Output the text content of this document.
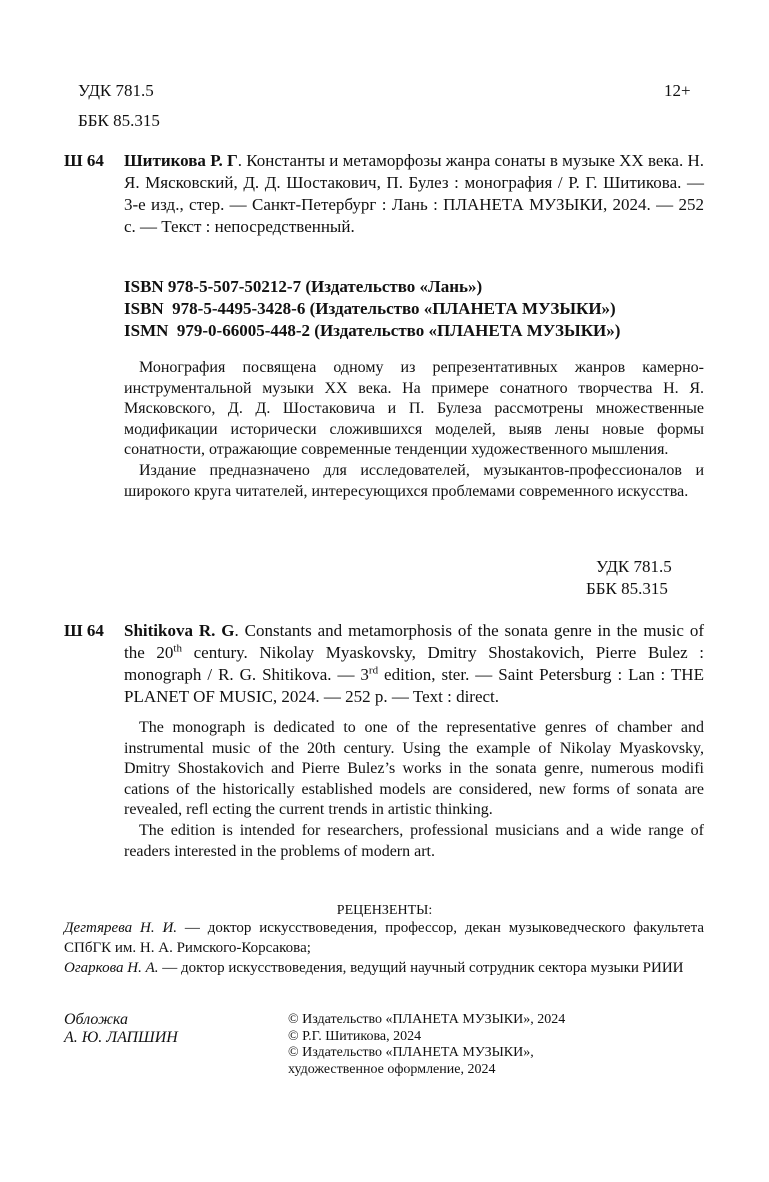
УДК 781.5
ББК 85.315
12+
Ш 64	Шитикова Р. Г. Константы и метаморфозы жанра сонаты в музыке XX века. Н. Я. Мясковский, Д. Д. Шостакович, П. Булез : монография / Р. Г. Шитикова. — 3-е изд., стер. — Санкт-Петербург : Лань : ПЛАНЕТА МУЗЫКИ, 2024. — 252 с. — Текст : непосредственный.
ISBN 978-5-507-50212-7 (Издательство «Лань»)
ISBN  978-5-4495-3428-6 (Издательство «ПЛАНЕТА МУЗЫКИ»)
ISMN  979-0-66005-448-2 (Издательство «ПЛАНЕТА МУЗЫКИ»)

Монография посвящена одному из репрезентативных жанров камерно-инструментальной музыки XX века. На примере сонатного творчества Н. Я. Мясковского, Д. Д. Шостаковича и П. Булеза рассмотрены множественные модификации исторически сложившихся моделей, выяв лены новые формы сонатности, отражающие современные тенденции художественного мышления.

Издание предназначено для исследователей, музыкантов-профессионалов и широкого круга читателей, интересующихся проблемами современного искусства.

УДК 781.5
ББК 85.315
Ш 64	Shitikova R. G. Constants and metamorphosis of the sonata genre in the music of the 20th century. Nikolay Myaskovsky, Dmitry Shostakovich, Pierre Bulez : monograph / R. G. Shitikova. — 3rd edition, ster. — Saint Petersburg : Lan : THE PLANET OF MUSIC, 2024. — 252 p. — Text : direct.

The monograph is dedicated to one of the representative genres of chamber and instrumental music of the 20th century. Using the example of Nikolay Myaskovsky, Dmitry Shostakovich and Pierre Bulez’s works in the sonata genre, numerous modifi cations of the historically established models are considered, new forms of sonata are revealed, refl ecting the current trends in artistic thinking.

The edition is intended for researchers, professional musicians and a wide range of readers interested in the problems of modern art.

РЕЦЕНЗЕНТЫ:

Дегтярева Н. И. — доктор искусствоведения, профессор, декан музыковедческого факультета СПбГК им. Н. А. Римского-Корсакова;

Огаркова Н. А. — доктор искусствоведения, ведущий научный сотрудник сектора музыки РИИИ

Обложка
А. Ю. ЛАПШИН
© Издательство «ПЛАНЕТА МУЗЫКИ», 2024
© Р.Г. Шитикова, 2024
© Издательство «ПЛАНЕТА МУЗЫКИ»,
художественное оформление, 2024
